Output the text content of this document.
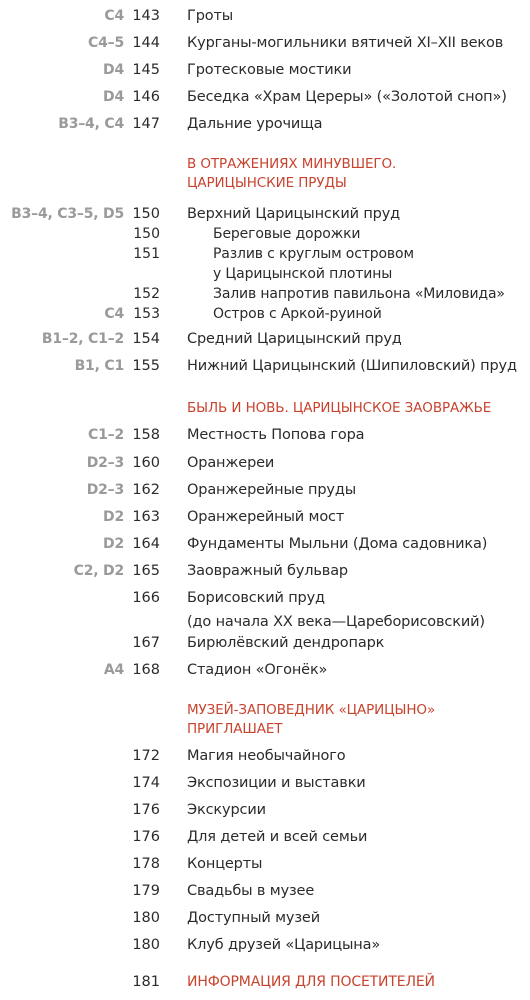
В ОТРАЖЕНИЯХ МИНУВШЕГО.
ЦАРИЦЫНСКИЕ ПРУДЫ
БЫЛЬ И НОВЬ. ЦАРИЦЫНСКОЕ ЗАОВРАЖЬЕ
МУЗЕЙ-ЗАПОВЕДНИК «ЦАРИЦЫНО»
ПРИГЛАШАЕТ
C4 143 Гроты
C4–5 144 Курганы-могильники вятичей XI–XII веков
D4 145 Гротесковые мостики
D4 146 Беседка «Храм Цереры» («Золотой сноп»)
B3–4, C4 147 Дальние урочища
B3–4, C3–5, D5 150 Верхний Царицынский пруд
150	Береговые дорожки
151	Разлив с круглым островом
у Царицынской плотины
152	Залив напротив павильона «Миловида»
C4 153	Остров с Аркой-руиной
B1–2, C1–2 154 Средний Царицынский пруд
B1, C1 155 Нижний Царицынский (Шипиловский) пруд
C1–2 158 Местность Попова гора
D2–3 160 Оранжереи
D2–3 162 Оранжерейные пруды
D2 163 Оранжерейный мост
D2 164 Фундаменты Мыльни (Дома садовника)
C2, D2 165 Заовражный бульвар
166 Борисовский пруд
(до начала XX века—Цареборисовский)
167 Бирюлёвский дендропарк
A4 168 Стадион «Огонёк»
172 Магия необычайного
174 Экспозиции и выставки
176 Экскурсии
176 Для детей и всей семьи
178 Концерты
179 Свадьбы в музее
180 Доступный музей
180 Клуб друзей «Царицына»
181 ИНФОРМАЦИЯ ДЛЯ ПОСЕТИТЕЛЕЙ
